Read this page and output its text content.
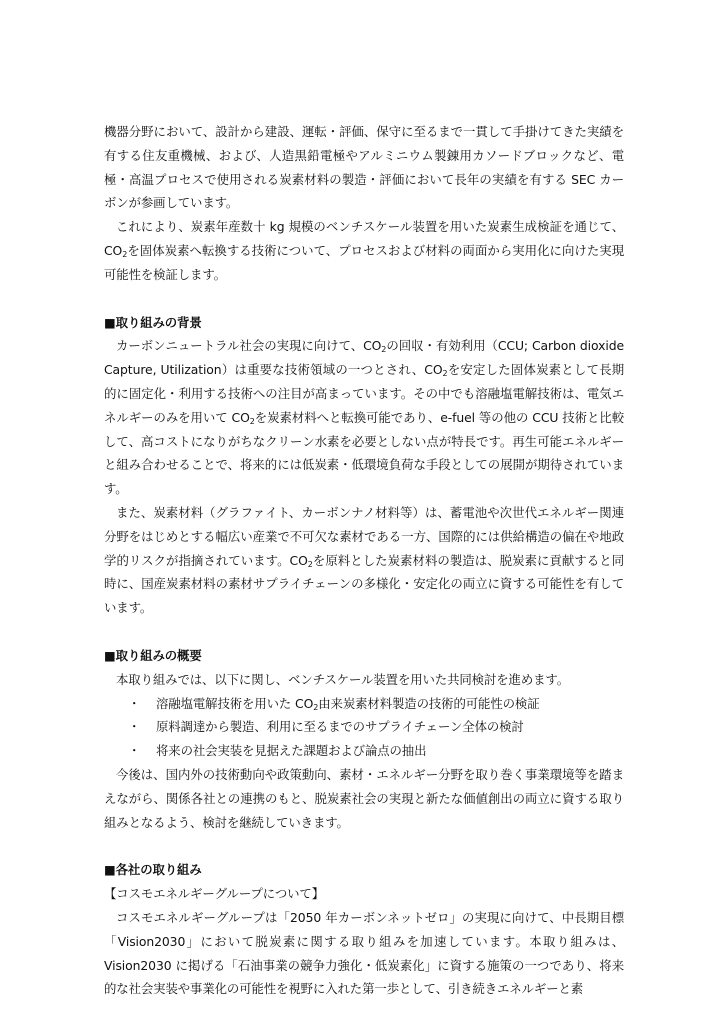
機器分野において、設計から建設、運転・評価、保守に至るまで一貫して手掛けてきた実績を有する住友重機械、および、人造黒鉛電極やアルミニウム製錬用カソードブロックなど、電極・高温プロセスで使用される炭素材料の製造・評価において長年の実績を有する SEC カーボンが参画しています。

これにより、炭素年産数十 kg 規模のベンチスケール装置を用いた炭素生成検証を通じて、$CO_2$を固体炭素へ転換する技術について、プロセスおよび材料の両面から実用化に向けた実現可能性を検証します。

■取り組みの背景

カーボンニュートラル社会の実現に向けて、$CO_2$の回収・有効利用（CCU; Carbon dioxide Capture, Utilization）は重要な技術領域の一つとされ、$CO_2$を安定した固体炭素として長期的に固定化・利用する技術への注目が高まっています。その中でも溶融塩電解技術は、電気エネルギーのみを用いて $CO_2$を炭素材料へと転換可能であり、e-fuel 等の他の CCU 技術と比較して、高コストになりがちなクリーン水素を必要としない点が特長です。再生可能エネルギーと組み合わせることで、将来的には低炭素・低環境負荷な手段としての展開が期待されています。

また、炭素材料（グラファイト、カーボンナノ材料等）は、蓄電池や次世代エネルギー関連分野をはじめとする幅広い産業で不可欠な素材である一方、国際的には供給構造の偏在や地政学的リスクが指摘されています。$CO_2$を原料とした炭素材料の製造は、脱炭素に貢献すると同時に、国産炭素材料の素材サプライチェーンの多様化・安定化の両立に資する可能性を有しています。

■取り組みの概要

本取り組みでは、以下に関し、ベンチスケール装置を用いた共同検討を進めます。

・ 溶融塩電解技術を用いた $CO_2$由来炭素材料製造の技術的可能性の検証
・ 原料調達から製造、利用に至るまでのサプライチェーン全体の検討
・ 将来の社会実装を見据えた課題および論点の抽出

今後は、国内外の技術動向や政策動向、素材・エネルギー分野を取り巻く事業環境等を踏まえながら、関係各社との連携のもと、脱炭素社会の実現と新たな価値創出の両立に資する取り組みとなるよう、検討を継続していきます。

■各社の取り組み

【コスモエネルギーグループについて】

コスモエネルギーグループは「2050 年カーボンネットゼロ」の実現に向けて、中長期目標「Vision2030」において脱炭素に関する取り組みを加速しています。本取り組みは、Vision2030 に掲げる「石油事業の競争力強化・低炭素化」に資する施策の一つであり、将来的な社会実装や事業化の可能性を視野に入れた第一歩として、引き続きエネルギーと素
